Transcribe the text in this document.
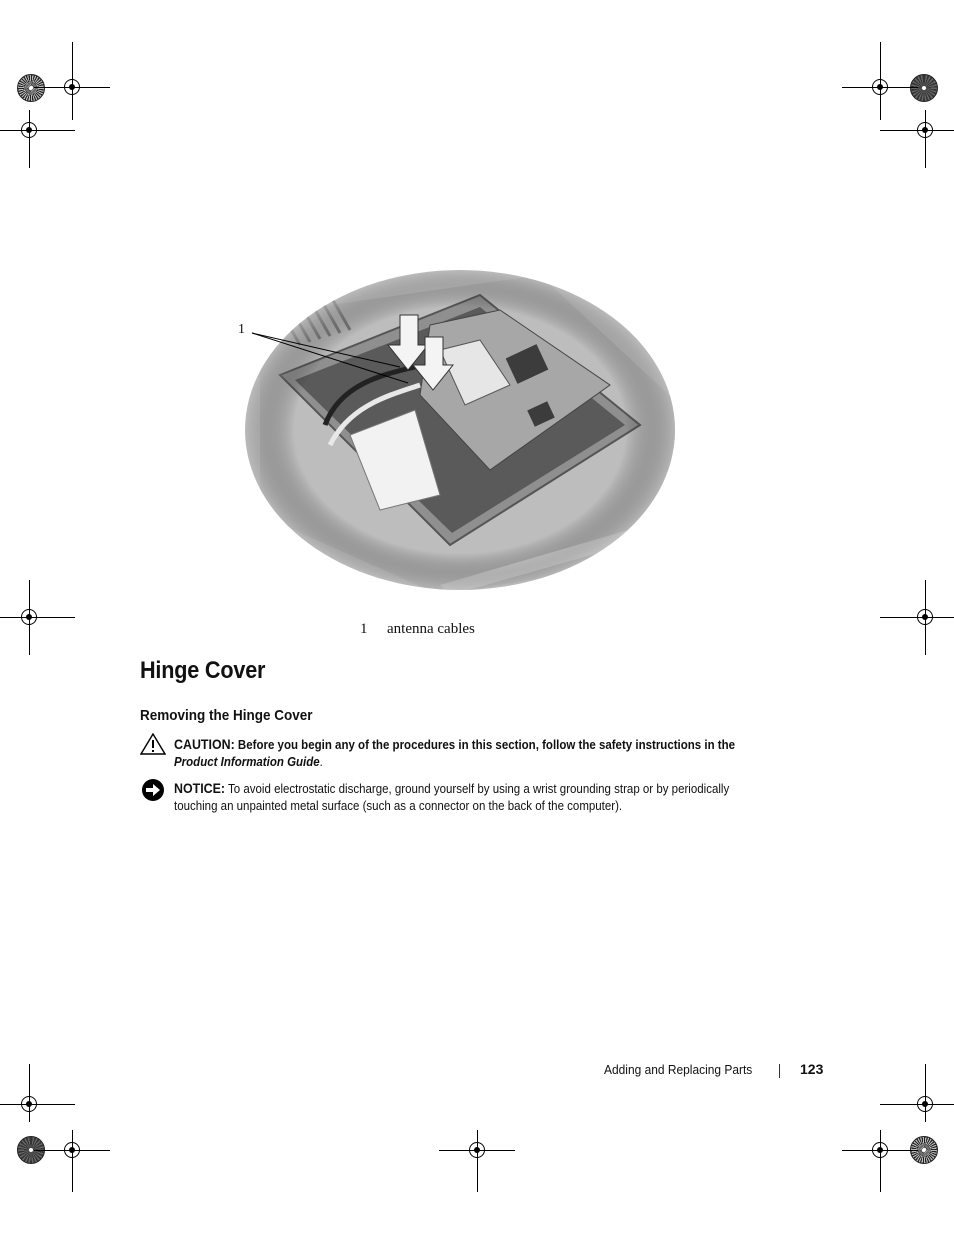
1
1 antenna cables
Hinge Cover
Removing the Hinge Cover
CAUTION: Before you begin any of the procedures in this section, follow the safety instructions in the
Product Information Guide.
NOTICE: To avoid electrostatic discharge, ground yourself by using a wrist grounding strap or by periodically touching an unpainted metal surface (such as a connector on the back of the computer).
Adding and Replacing Parts	123
